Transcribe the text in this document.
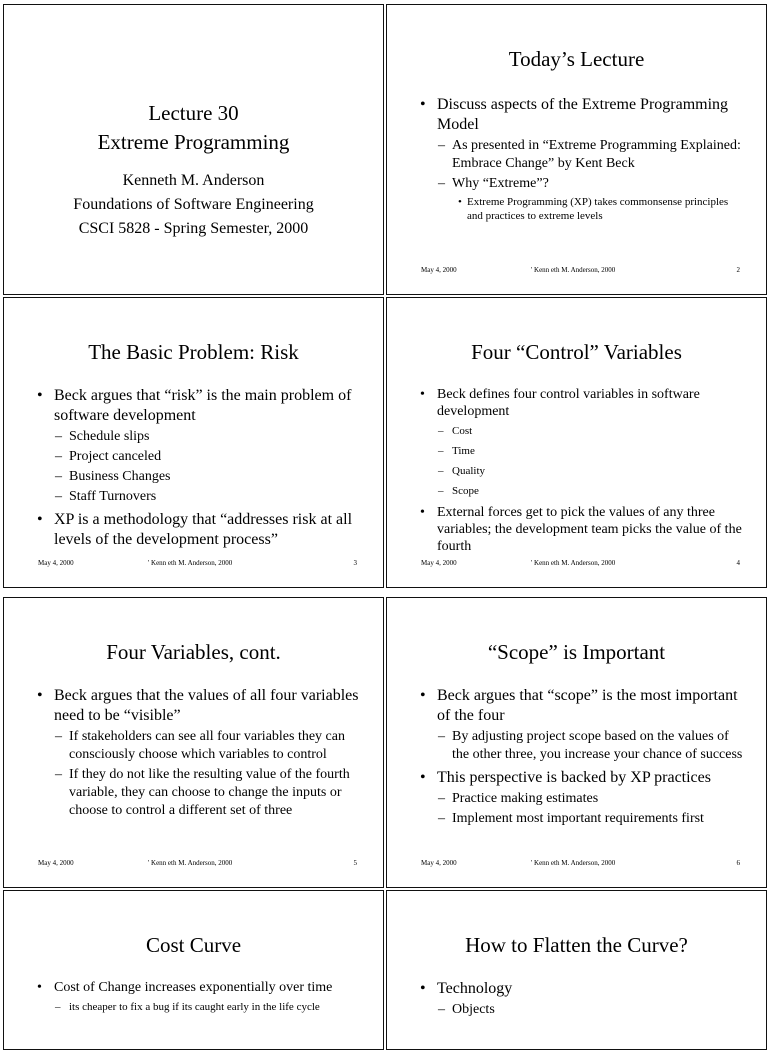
Lecture 30
Extreme Programming
Kenneth M. Anderson
Foundations of Software Engineering
CSCI 5828 - Spring Semester, 2000
Today’s Lecture
• Discuss aspects of the Extreme Programming Model
– As presented in “Extreme Programming Explained: Embrace Change” by Kent Beck
– Why “Extreme”?
• Extreme Programming (XP) takes commonsense principles and practices to extreme levels
May 4, 2000	' Kenn eth M. Anderson, 2000	2
The Basic Problem: Risk
• Beck argues that “risk” is the main problem of software development
– Schedule slips
– Project canceled
– Business Changes
– Staff Turnovers
• XP is a methodology that “addresses risk at all levels of the development process”
May 4, 2000	' Kenn eth M. Anderson, 2000	3
Four “Control” Variables
• Beck defines four control variables in software development
– Cost
– Time
– Quality
– Scope
• External forces get to pick the values of any three variables; the development team picks the value of the fourth
May 4, 2000	' Kenn eth M. Anderson, 2000	4
Four Variables, cont.
• Beck argues that the values of all four variables need to be “visible”
– If stakeholders can see all four variables they can consciously choose which variables to control
– If they do not like the resulting value of the fourth variable, they can choose to change the inputs or choose to control a different set of three
May 4, 2000	' Kenn eth M. Anderson, 2000	5
“Scope” is Important
• Beck argues that “scope” is the most important of the four
– By adjusting project scope based on the values of the other three, you increase your chance of success
• This perspective is backed by XP practices
– Practice making estimates
– Implement most important requirements first
May 4, 2000	' Kenn eth M. Anderson, 2000	6
Cost Curve
• Cost of Change increases exponentially over time
– its cheaper to fix a bug if its caught early in the life cycle
How to Flatten the Curve?
• Technology
– Objects
